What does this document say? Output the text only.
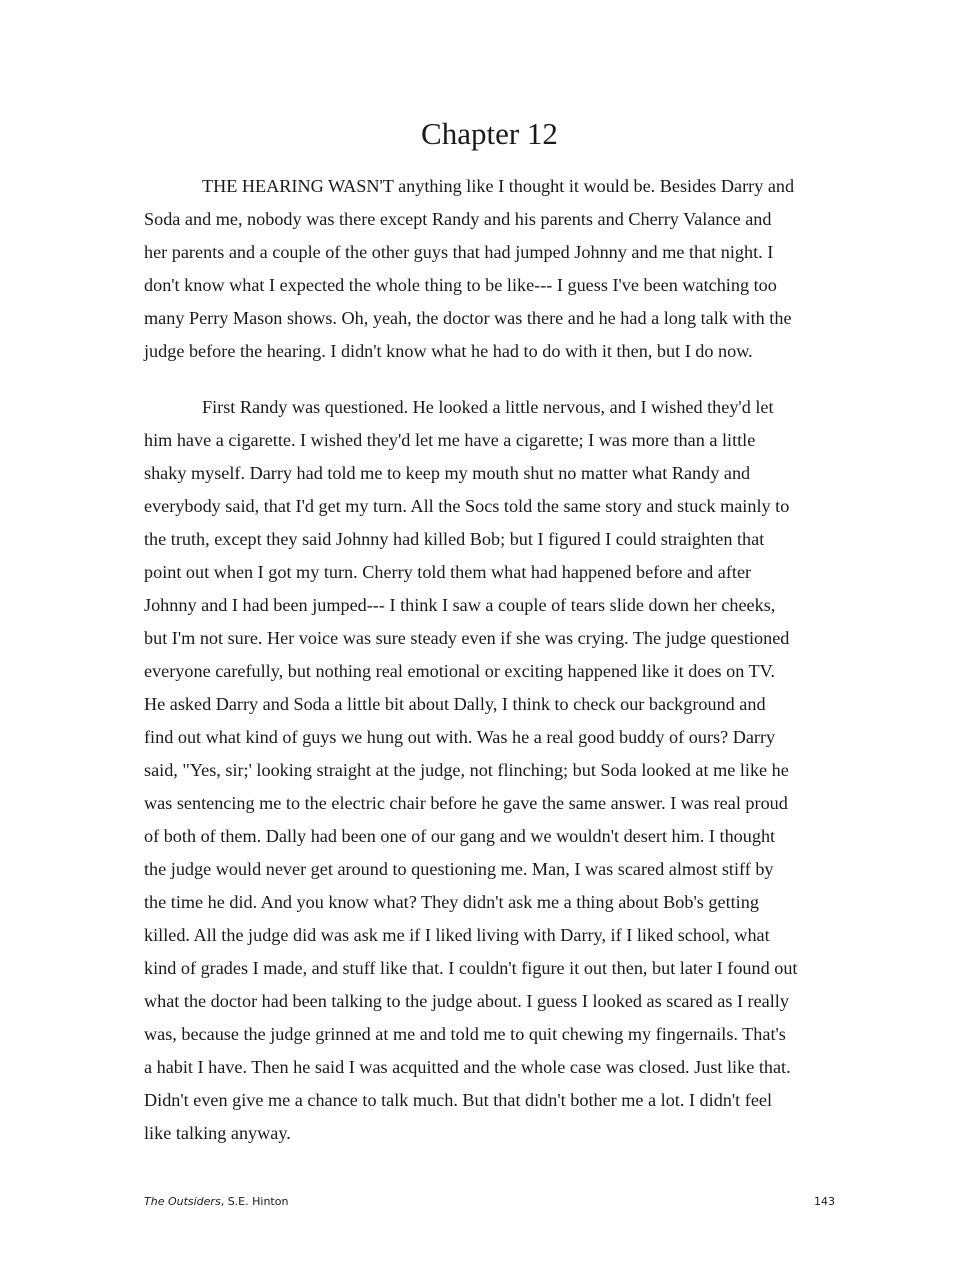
Chapter 12

THE HEARING WASN'T anything like I thought it would be. Besides Darry and
Soda and me, nobody was there except Randy and his parents and Cherry Valance and
her parents and a couple of the other guys that had jumped Johnny and me that night. I
don't know what I expected the whole thing to be like--- I guess I've been watching too
many Perry Mason shows. Oh, yeah, the doctor was there and he had a long talk with the
judge before the hearing. I didn't know what he had to do with it then, but I do now.

First Randy was questioned. He looked a little nervous, and I wished they'd let
him have a cigarette. I wished they'd let me have a cigarette; I was more than a little
shaky myself. Darry had told me to keep my mouth shut no matter what Randy and
everybody said, that I'd get my turn. All the Socs told the same story and stuck mainly to
the truth, except they said Johnny had killed Bob; but I figured I could straighten that
point out when I got my turn. Cherry told them what had happened before and after
Johnny and I had been jumped--- I think I saw a couple of tears slide down her cheeks,
but I'm not sure. Her voice was sure steady even if she was crying. The judge questioned
everyone carefully, but nothing real emotional or exciting happened like it does on TV.
He asked Darry and Soda a little bit about Dally, I think to check our background and
find out what kind of guys we hung out with. Was he a real good buddy of ours? Darry
said, "Yes, sir;' looking straight at the judge, not flinching; but Soda looked at me like he
was sentencing me to the electric chair before he gave the same answer. I was real proud
of both of them. Dally had been one of our gang and we wouldn't desert him. I thought
the judge would never get around to questioning me. Man, I was scared almost stiff by
the time he did. And you know what? They didn't ask me a thing about Bob's getting
killed. All the judge did was ask me if I liked living with Darry, if I liked school, what
kind of grades I made, and stuff like that. I couldn't figure it out then, but later I found out
what the doctor had been talking to the judge about. I guess I looked as scared as I really
was, because the judge grinned at me and told me to quit chewing my fingernails. That's
a habit I have. Then he said I was acquitted and the whole case was closed. Just like that.
Didn't even give me a chance to talk much. But that didn't bother me a lot. I didn't feel
like talking anyway.

The Outsiders, S.E. Hinton	143
